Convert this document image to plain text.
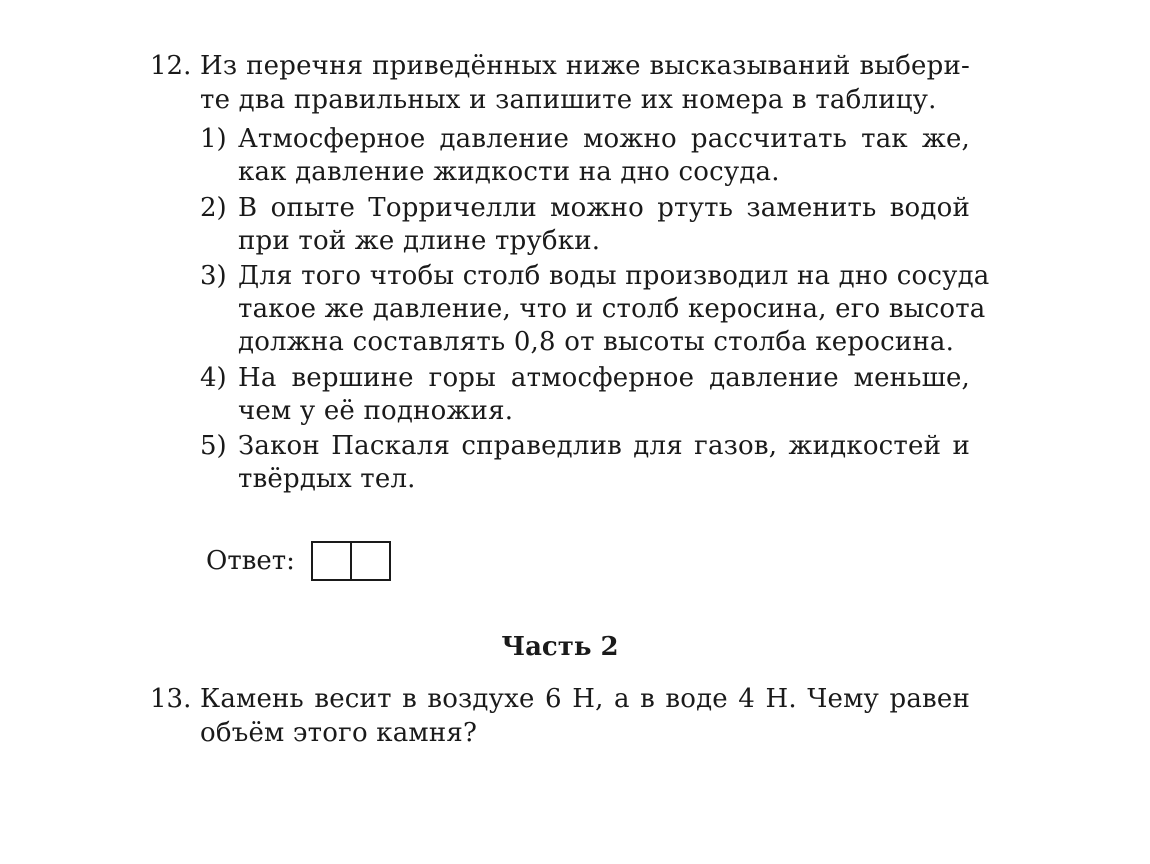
12. Из перечня приведённых ниже высказываний выбери-
те два правильных и запишите их номера в таблицу.
1) Атмосферное давление можно рассчитать так же,
как давление жидкости на дно сосуда.
2) В опыте Торричелли можно ртуть заменить водой
при той же длине трубки.
3) Для того чтобы столб воды производил на дно сосуда
такое же давление, что и столб керосина, его высота
должна составлять 0,8 от высоты столба керосина.
4) На вершине горы атмосферное давление меньше,
чем у её подножия.
5) Закон Паскаля справедлив для газов, жидкостей и
твёрдых тел.
Ответ:
Часть 2
13. Камень весит в воздухе 6 Н, а в воде 4 Н. Чему равен
объём этого камня?
